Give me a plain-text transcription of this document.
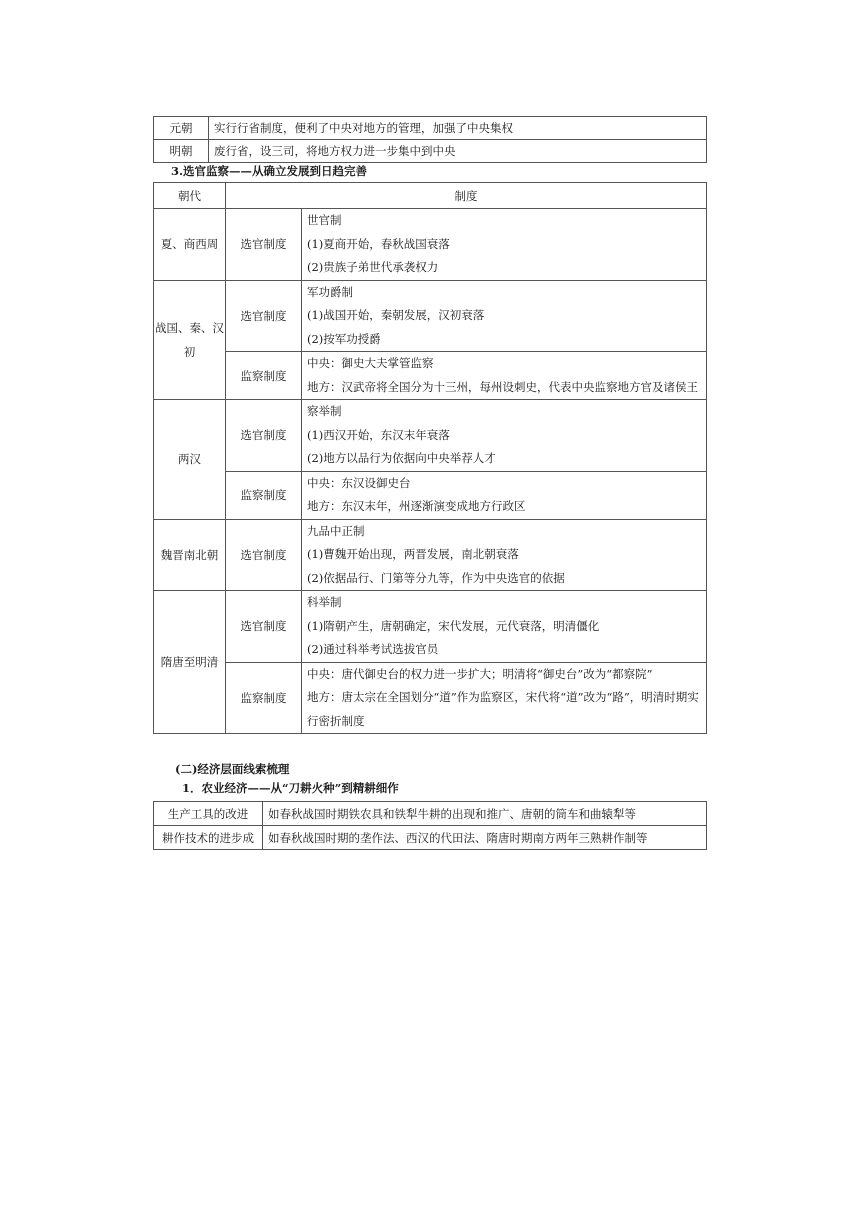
元朝	实行行省制度，便利了中央对地方的管理，加强了中央集权
明朝	废行省，设三司，将地方权力进一步集中到中央
3.选官监察——从确立发展到日趋完善
朝代	制度	
夏、商西周	选官制度	世官制
(1)夏商开始，春秋战国衰落
(2)贵族子弟世代承袭权力

战国、秦、汉初	选官制度	军功爵制
(1)战国开始，秦朝发展，汉初衰落
(2)按军功授爵

	监察制度	中央：御史大夫掌管监察
地方：汉武帝将全国分为十三州，每州设刺史，代表中央监察地方官及诸侯王

两汉	选官制度	察举制
(1)西汉开始，东汉末年衰落
(2)地方以品行为依据向中央举荐人才

	监察制度	中央：东汉设御史台
地方：东汉末年，州逐渐演变成地方行政区

魏晋南北朝	选官制度	九品中正制
(1)曹魏开始出现，两晋发展，南北朝衰落
(2)依据品行、门第等分九等，作为中央选官的依据

隋唐至明清	选官制度	科举制
(1)隋朝产生，唐朝确定，宋代发展，元代衰落，明清僵化
(2)通过科举考试选拔官员

	监察制度	中央：唐代御史台的权力进一步扩大；明清将“御史台”改为“都察院”
地方：唐太宗在全国划分“道”作为监察区，宋代将“道”改为“路”，明清时期实行密折制度
(二)经济层面线索梳理
1．农业经济——从“刀耕火种”到精耕细作
生产工具的改进	如春秋战国时期铁农具和铁犁牛耕的出现和推广、唐朝的筒车和曲辕犁等
耕作技术的进步成	如春秋战国时期的垄作法、西汉的代田法、隋唐时期南方两年三熟耕作制等
